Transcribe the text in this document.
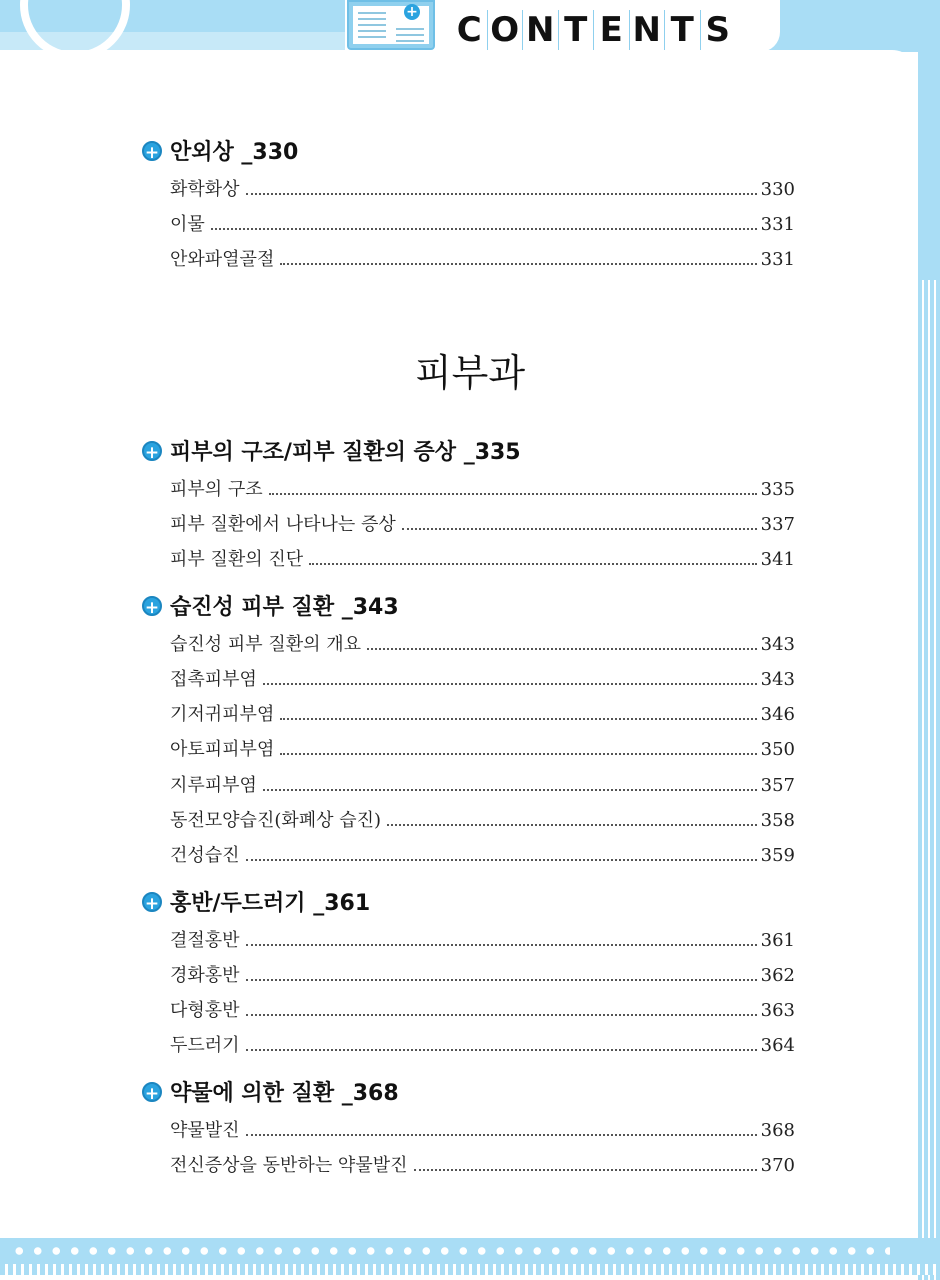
+ C O N T E N T S
+ 안외상 _330
화학화상	330
이물	331
안와파열골절	331
피부과
+ 피부의 구조/피부 질환의 증상 _335
피부의 구조	335
피부 질환에서 나타나는 증상	337
피부 질환의 진단	341
+ 습진성 피부 질환 _343
습진성 피부 질환의 개요	343
접촉피부염	343
기저귀피부염	346
아토피피부염	350
지루피부염	357
동전모양습진(화폐상 습진)	358
건성습진	359
+ 홍반/두드러기 _361
결절홍반	361
경화홍반	362
다형홍반	363
두드러기	364
+ 약물에 의한 질환 _368
약물발진	368
전신증상을 동반하는 약물발진	370
